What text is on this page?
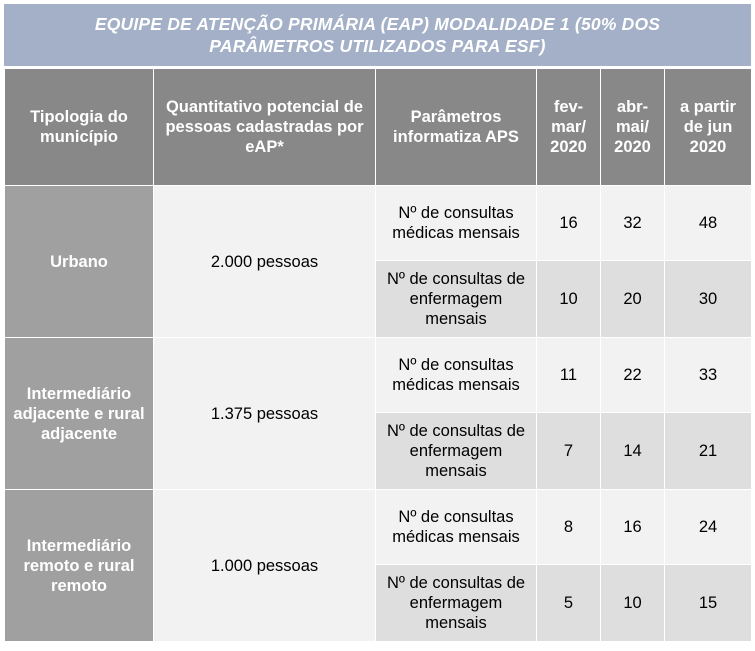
EQUIPE DE ATENÇÃO PRIMÁRIA (EAP) MODALIDADE 1 (50% DOS PARÂMETROS UTILIZADOS PARA ESF)
Tipologia do município	Quantitativo potencial de pessoas cadastradas por eAP*	Parâmetros informatiza APS	fev-mar/ 2020	abr-mai/ 2020	a partir de jun 2020
Urbano	2.000 pessoas	Nº de consultas médicas mensais	16	32	48
		Nº de consultas de enfermagem mensais	10	20	30
Intermediário adjacente e rural adjacente	1.375 pessoas	Nº de consultas médicas mensais	11	22	33
		Nº de consultas de enfermagem mensais	7	14	21
Intermediário remoto e rural remoto	1.000 pessoas	Nº de consultas médicas mensais	8	16	24
		Nº de consultas de enfermagem mensais	5	10	15
